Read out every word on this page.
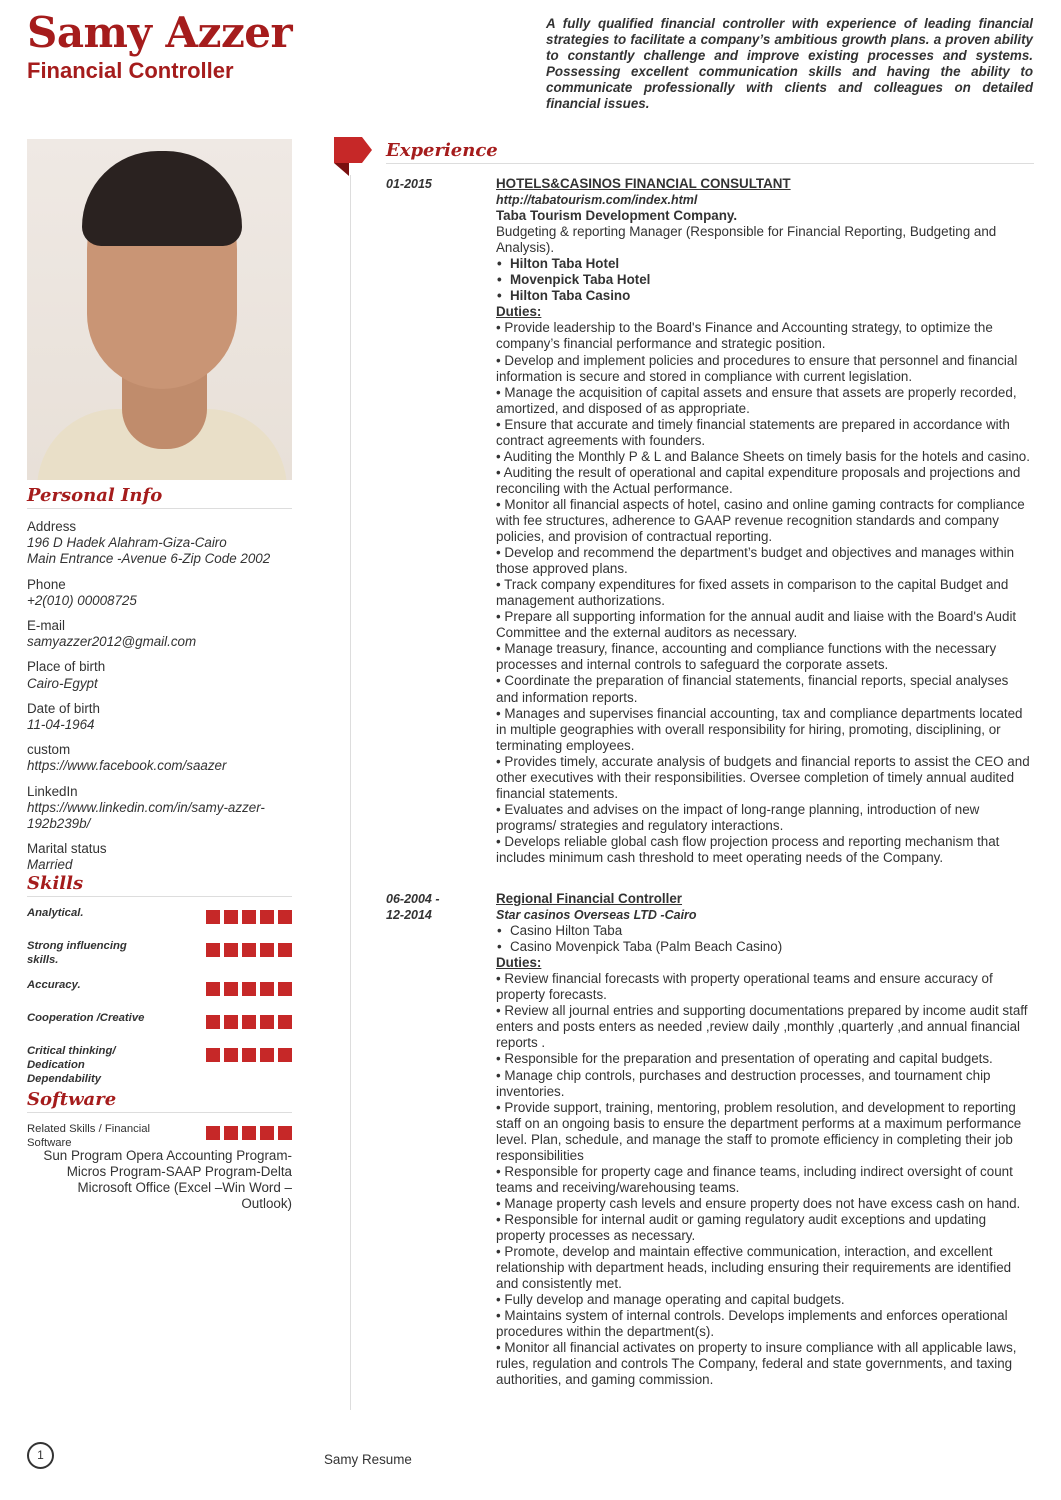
Samy Azzer
Financial Controller
A fully qualified financial controller with experience of leading financial strategies to facilitate a company’s ambitious growth plans. a proven ability to constantly challenge and improve existing processes and systems. Possessing excellent communication skills and having the ability to communicate professionally with clients and colleagues on detailed financial issues.
Personal Info
Address
196 D Hadek Alahram-Giza-Cairo
Main Entrance -Avenue 6-Zip Code 2002
Phone
+2(010) 00008725
E-mail
samyazzer2012@gmail.com
Place of birth
Cairo-Egypt
Date of birth
11-04-1964
custom
https://www.facebook.com/saazer
LinkedIn
https://www.linkedin.com/in/samy-azzer-192b239b/
Marital status
Married
Skills
Analytical.
Strong influencing skills.
Accuracy.
Cooperation /Creative
Critical thinking/ Dedication Dependability
Software
Related Skills / Financial Software
Sun Program Opera Accounting Program-Micros Program-SAAP Program-Delta Microsoft Office (Excel –Win Word –Outlook)
Experience
01-2015	HOTELS&CASINOS FINANCIAL CONSULTANT
http://tabatourism.com/index.html
Taba Tourism Development Company.
Budgeting & reporting Manager (Responsible for Financial Reporting, Budgeting and Analysis).
• Hilton Taba Hotel
• Movenpick Taba Hotel
• Hilton Taba Casino
Duties:
• Provide leadership to the Board's Finance and Accounting strategy, to optimize the company’s financial performance and strategic position.
• Develop and implement policies and procedures to ensure that personnel and financial information is secure and stored in compliance with current legislation.
• Manage the acquisition of capital assets and ensure that assets are properly recorded, amortized, and disposed of as appropriate.
• Ensure that accurate and timely financial statements are prepared in accordance with contract agreements with founders.
• Auditing the Monthly P & L and Balance Sheets on timely basis for the hotels and casino.
• Auditing the result of operational and capital expenditure proposals and projections and reconciling with the Actual performance.
• Monitor all financial aspects of hotel, casino and online gaming contracts for compliance with fee structures, adherence to GAAP revenue recognition standards and company policies, and provision of contractual reporting.
• Develop and recommend the department’s budget and objectives and manages within those approved plans.
• Track company expenditures for fixed assets in comparison to the capital Budget and management authorizations.
• Prepare all supporting information for the annual audit and liaise with the Board's Audit Committee and the external auditors as necessary.
• Manage treasury, finance, accounting and compliance functions with the necessary processes and internal controls to safeguard the corporate assets.
• Coordinate the preparation of financial statements, financial reports, special analyses and information reports.
• Manages and supervises financial accounting, tax and compliance departments located in multiple geographies with overall responsibility for hiring, promoting, disciplining, or terminating employees.
• Provides timely, accurate analysis of budgets and financial reports to assist the CEO and other executives with their responsibilities. Oversee completion of timely annual audited financial statements.
• Evaluates and advises on the impact of long-range planning, introduction of new programs/ strategies and regulatory interactions.
• Develops reliable global cash flow projection process and reporting mechanism that includes minimum cash threshold to meet operating needs of the Company.
06-2004 -
12-2014
Regional Financial Controller
Star casinos Overseas LTD -Cairo
• Casino Hilton Taba
• Casino Movenpick Taba (Palm Beach Casino)
Duties:
• Review financial forecasts with property operational teams and ensure accuracy of property forecasts.
• Review all journal entries and supporting documentations prepared by income audit staff enters and posts enters as needed ,review daily ,monthly ,quarterly ,and annual financial reports .
• Responsible for the preparation and presentation of operating and capital budgets.
• Manage chip controls, purchases and destruction processes, and tournament chip inventories.
• Provide support, training, mentoring, problem resolution, and development to reporting staff on an ongoing basis to ensure the department performs at a maximum performance level. Plan, schedule, and manage the staff to promote efficiency in completing their job responsibilities
• Responsible for property cage and finance teams, including indirect oversight of count teams and receiving/warehousing teams.
• Manage property cash levels and ensure property does not have excess cash on hand.
• Responsible for internal audit or gaming regulatory audit exceptions and updating property processes as necessary.
• Promote, develop and maintain effective communication, interaction, and excellent relationship with department heads, including ensuring their requirements are identified and consistently met.
• Fully develop and manage operating and capital budgets.
• Maintains system of internal controls. Develops implements and enforces operational procedures within the department(s).
• Monitor all financial activates on property to insure compliance with all applicable laws, rules, regulation and controls The Company, federal and state governments, and taxing authorities, and gaming commission.
1	Samy Resume
